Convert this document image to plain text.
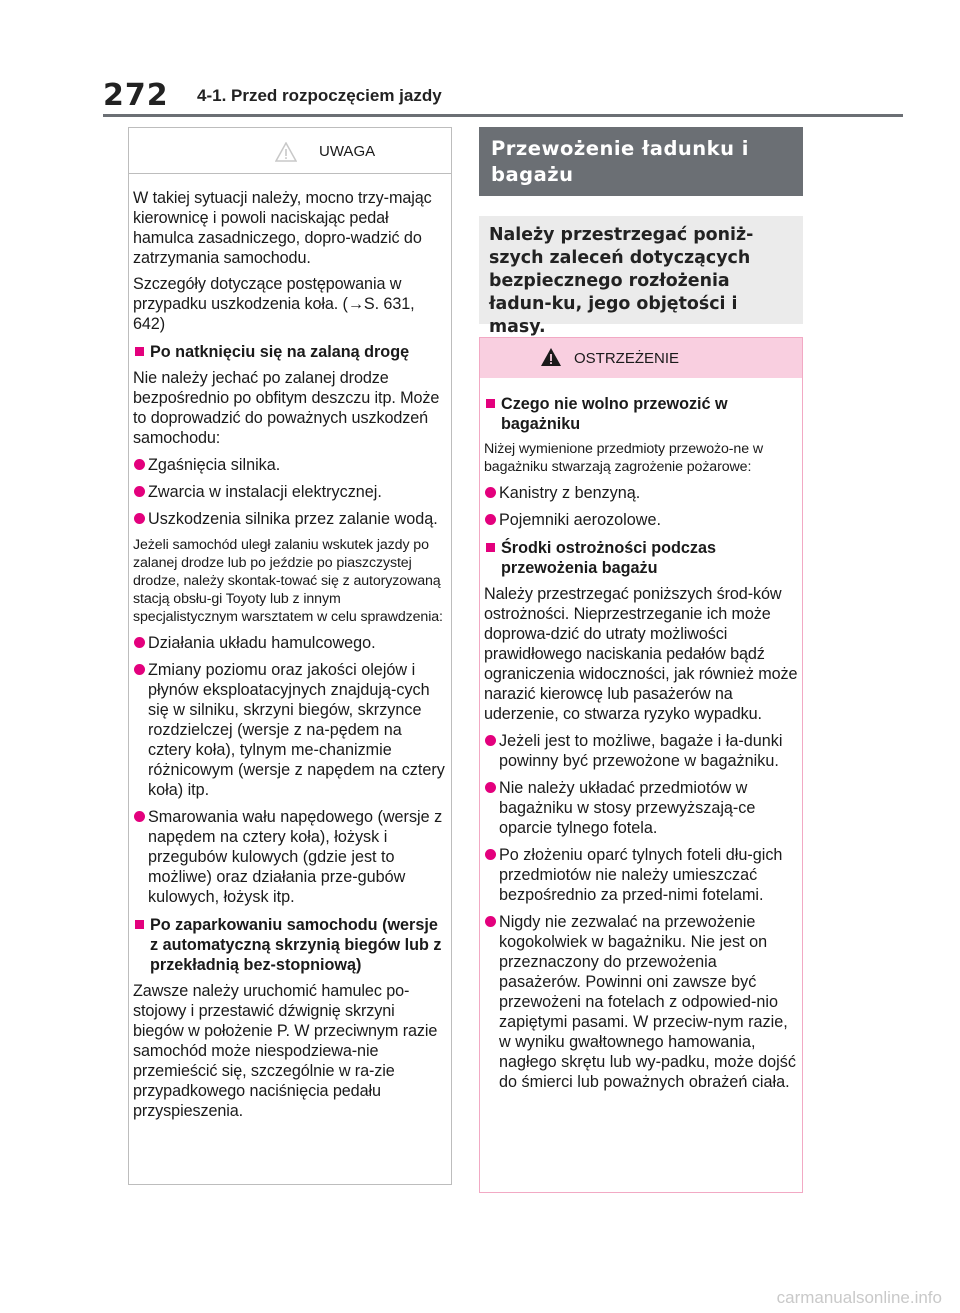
272 4-1. Przed rozpoczęciem jazdy
UWAGA

W takiej sytuacji należy, mocno trzy-mając kierownicę i powoli naciskając pedał hamulca zasadniczego, dopro-wadzić do zatrzymania samochodu.

Szczegóły dotyczące postępowania w przypadku uszkodzenia koła. (→S. 631, 642)

Po natknięciu się na zalaną drogę

Nie należy jechać po zalanej drodze bezpośrednio po obfitym deszczu itp. Może to doprowadzić do poważnych uszkodzeń samochodu:

Zgaśnięcia silnika.
Zwarcia w instalacji elektrycznej.
Uszkodzenia silnika przez zalanie wodą.

Jeżeli samochód uległ zalaniu wskutek jazdy po zalanej drodze lub po jeździe po piaszczystej drodze, należy skontak-tować się z autoryzowaną stacją obsłu-gi Toyoty lub z innym specjalistycznym warsztatem w celu sprawdzenia:

Działania układu hamulcowego.
Zmiany poziomu oraz jakości olejów i płynów eksploatacyjnych znajdują-cych się w silniku, skrzyni biegów, skrzynce rozdzielczej (wersje z na-pędem na cztery koła), tylnym me-chanizmie różnicowym (wersje z napędem na cztery koła) itp.
Smarowania wału napędowego (wersje z napędem na cztery koła), łożysk i przegubów kulowych (gdzie jest to możliwe) oraz działania prze-gubów kulowych, łożysk itp.
Po zaparkowaniu samochodu (wersje z automatyczną skrzynią biegów lub z przekładnią bez-stopniową)

Zawsze należy uruchomić hamulec po-stojowy i przestawić dźwignię skrzyni biegów w położenie P. W przeciwnym razie samochód może niespodziewa-nie przemieścić się, szczególnie w ra-zie przypadkowego naciśnięcia pedału przyspieszenia.

Przewożenie ładunku i bagażu
Należy przestrzegać poniż-szych zaleceń dotyczących bezpiecznego rozłożenia ładun-ku, jego objętości i masy.
OSTRZEŻENIE
Czego nie wolno przewozić w bagażniku

Niżej wymienione przedmioty przewożo-ne w bagażniku stwarzają zagrożenie pożarowe:

Kanistry z benzyną.
Pojemniki aerozolowe.
Środki ostrożności podczas przewożenia bagażu

Należy przestrzegać poniższych środ-ków ostrożności. Nieprzestrzeganie ich może doprowa-dzić do utraty możliwości prawidłowego naciskania pedałów bądź ograniczenia widoczności, jak również może narazić kierowcę lub pasażerów na uderzenie, co stwarza ryzyko wypadku.

Jeżeli jest to możliwe, bagaże i ła-dunki powinny być przewożone w bagażniku.
Nie należy układać przedmiotów w bagażniku w stosy przewyższają-ce oparcie tylnego fotela.
Po złożeniu oparć tylnych foteli dłu-gich przedmiotów nie należy umieszczać bezpośrednio za przed-nimi fotelami.
Nigdy nie zezwalać na przewożenie kogokolwiek w bagażniku. Nie jest on przeznaczony do przewożenia pasażerów. Powinni oni zawsze być przewożeni na fotelach z odpowied-nio zapiętymi pasami. W przeciw-nym razie, w wyniku gwałtownego hamowania, nagłego skrętu lub wy-padku, może dojść do śmierci lub poważnych obrażeń ciała.
carmanualsonline.info
